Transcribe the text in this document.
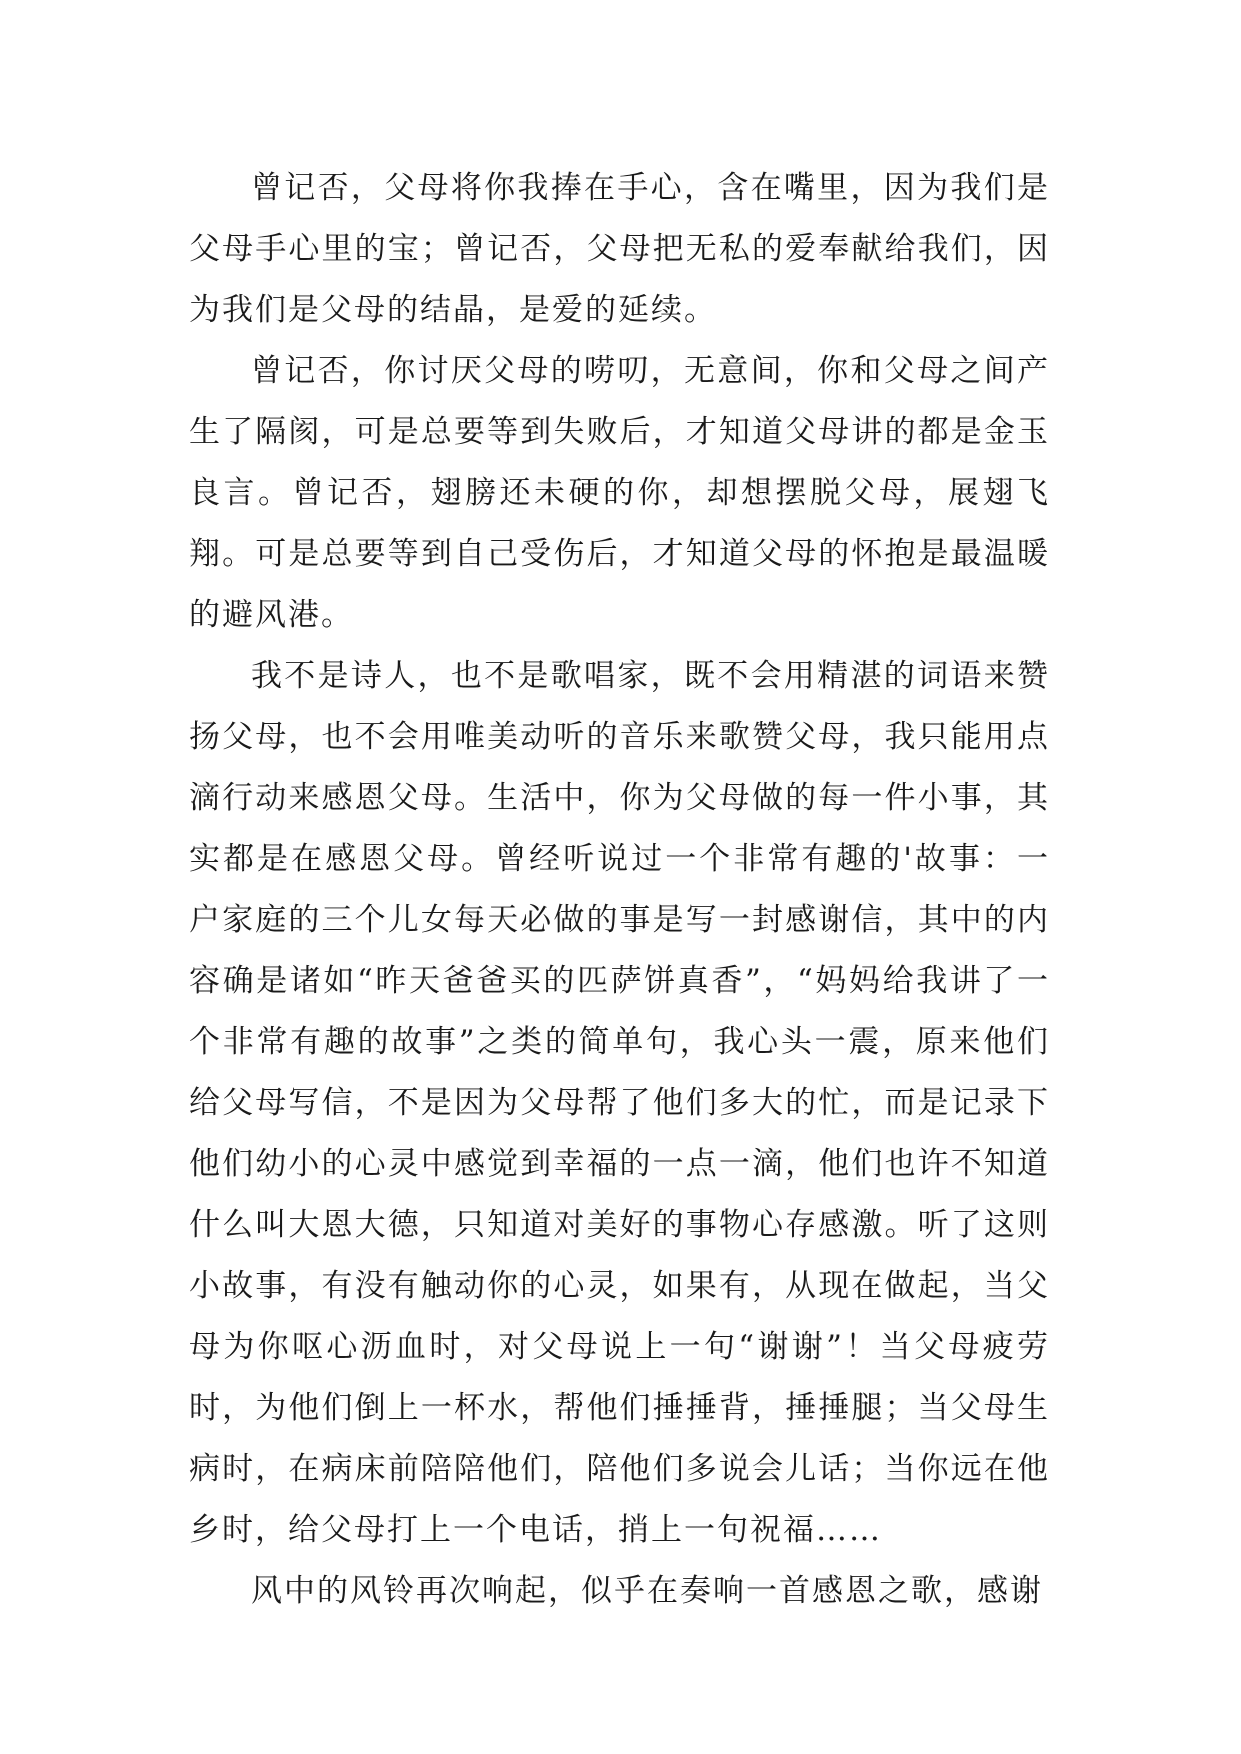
曾记否，父母将你我捧在手心，含在嘴里，因为我们是父母手心里的宝；曾记否，父母把无私的爱奉献给我们，因为我们是父母的结晶，是爱的延续。

曾记否，你讨厌父母的唠叨，无意间，你和父母之间产生了隔阂，可是总要等到失败后，才知道父母讲的都是金玉良言。曾记否，翅膀还未硬的你，却想摆脱父母，展翅飞翔。可是总要等到自己受伤后，才知道父母的怀抱是最温暖的避风港。

我不是诗人，也不是歌唱家，既不会用精湛的词语来赞扬父母，也不会用唯美动听的音乐来歌赞父母，我只能用点滴行动来感恩父母。生活中，你为父母做的每一件小事，其实都是在感恩父母。曾经听说过一个非常有趣的'故事：一户家庭的三个儿女每天必做的事是写一封感谢信，其中的内容确是诸如“昨天爸爸买的匹萨饼真香”，“妈妈给我讲了一个非常有趣的故事”之类的简单句，我心头一震，原来他们给父母写信，不是因为父母帮了他们多大的忙，而是记录下他们幼小的心灵中感觉到幸福的一点一滴，他们也许不知道什么叫大恩大德，只知道对美好的事物心存感激。听了这则小故事，有没有触动你的心灵，如果有，从现在做起，当父母为你呕心沥血时，对父母说上一句“谢谢”！当父母疲劳时，为他们倒上一杯水，帮他们捶捶背，捶捶腿；当父母生病时，在病床前陪陪他们，陪他们多说会儿话；当你远在他乡时，给父母打上一个电话，捎上一句祝福……

风中的风铃再次响起，似乎在奏响一首感恩之歌，感谢
